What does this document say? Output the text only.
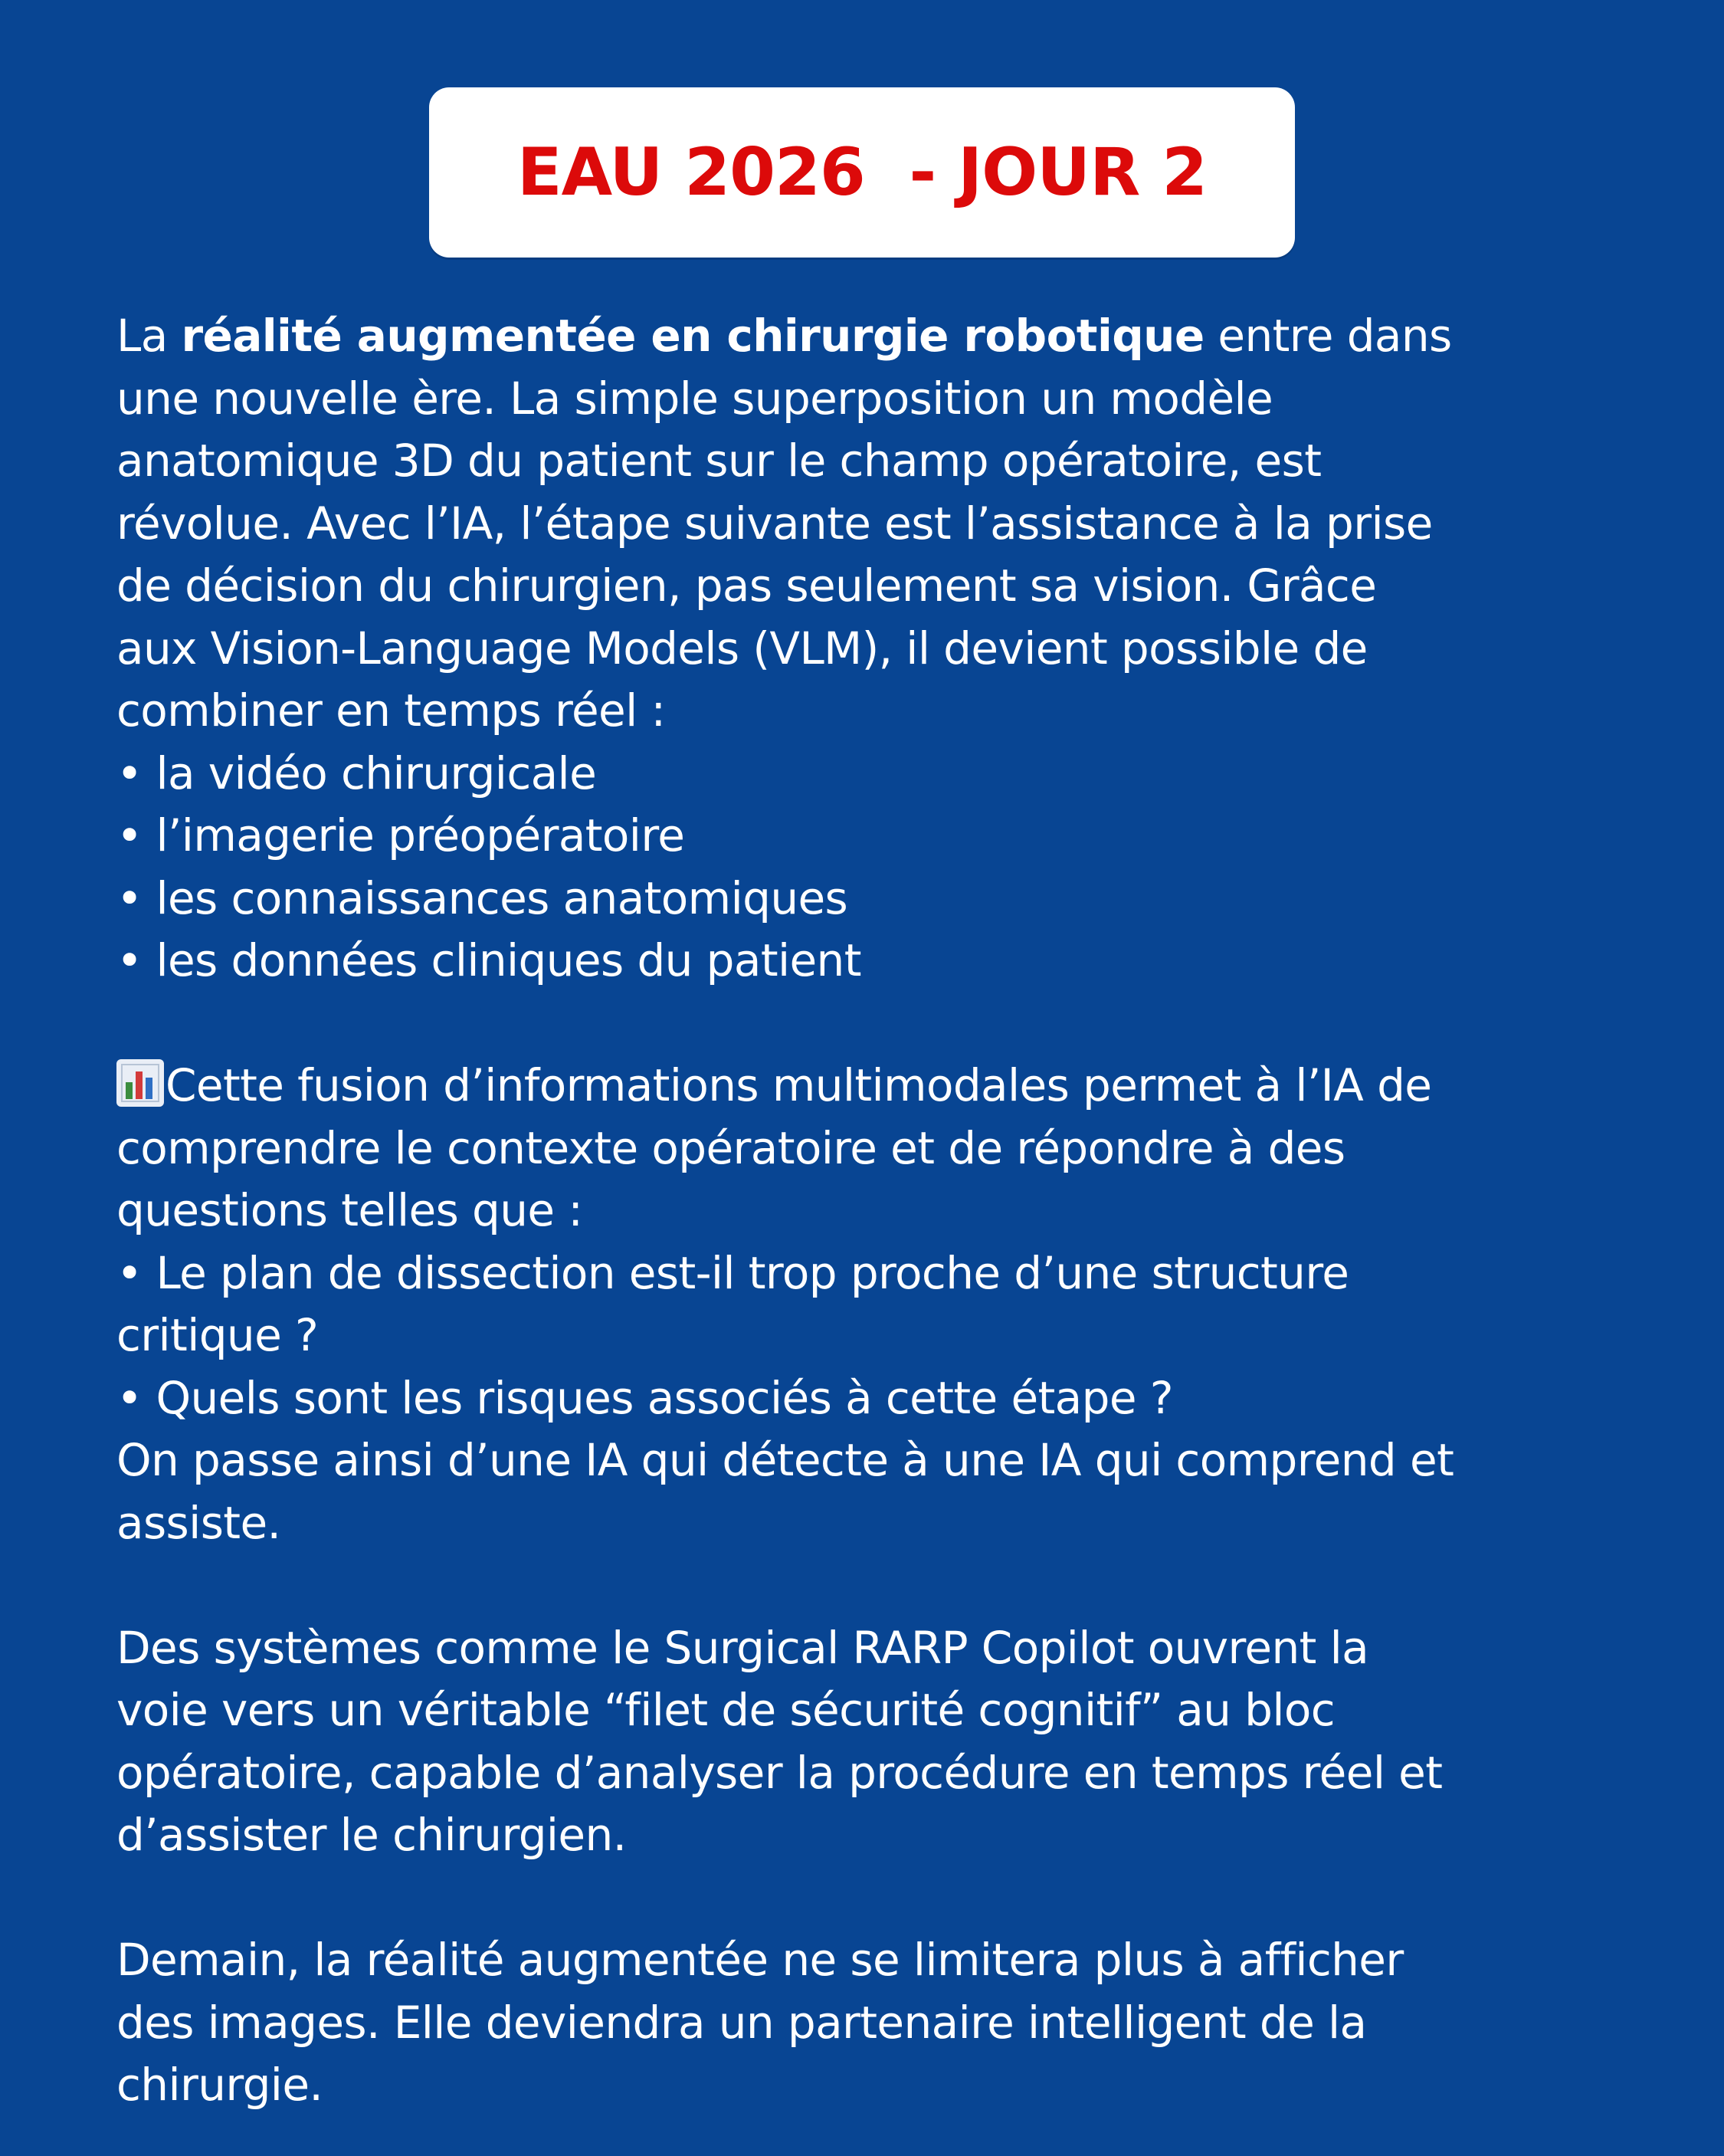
EAU 2026  - JOUR 2
La réalité augmentée en chirurgie robotique entre dans
une nouvelle ère. La simple superposition un modèle
anatomique 3D du patient sur le champ opératoire, est
révolue. Avec l’IA, l’étape suivante est l’assistance à la prise
de décision du chirurgien, pas seulement sa vision. Grâce
aux Vision-Language Models (VLM), il devient possible de
combiner en temps réel :
• la vidéo chirurgicale
• l’imagerie préopératoire
• les connaissances anatomiques
• les données cliniques du patient
Cette fusion d’informations multimodales permet à l’IA de
comprendre le contexte opératoire et de répondre à des
questions telles que :
• Le plan de dissection est-il trop proche d’une structure
critique ?
• Quels sont les risques associés à cette étape ?
On passe ainsi d’une IA qui détecte à une IA qui comprend et
assiste.
Des systèmes comme le Surgical RARP Copilot ouvrent la
voie vers un véritable “filet de sécurité cognitif” au bloc
opératoire, capable d’analyser la procédure en temps réel et
d’assister le chirurgien.
Demain, la réalité augmentée ne se limitera plus à afficher
des images. Elle deviendra un partenaire intelligent de la
chirurgie.
